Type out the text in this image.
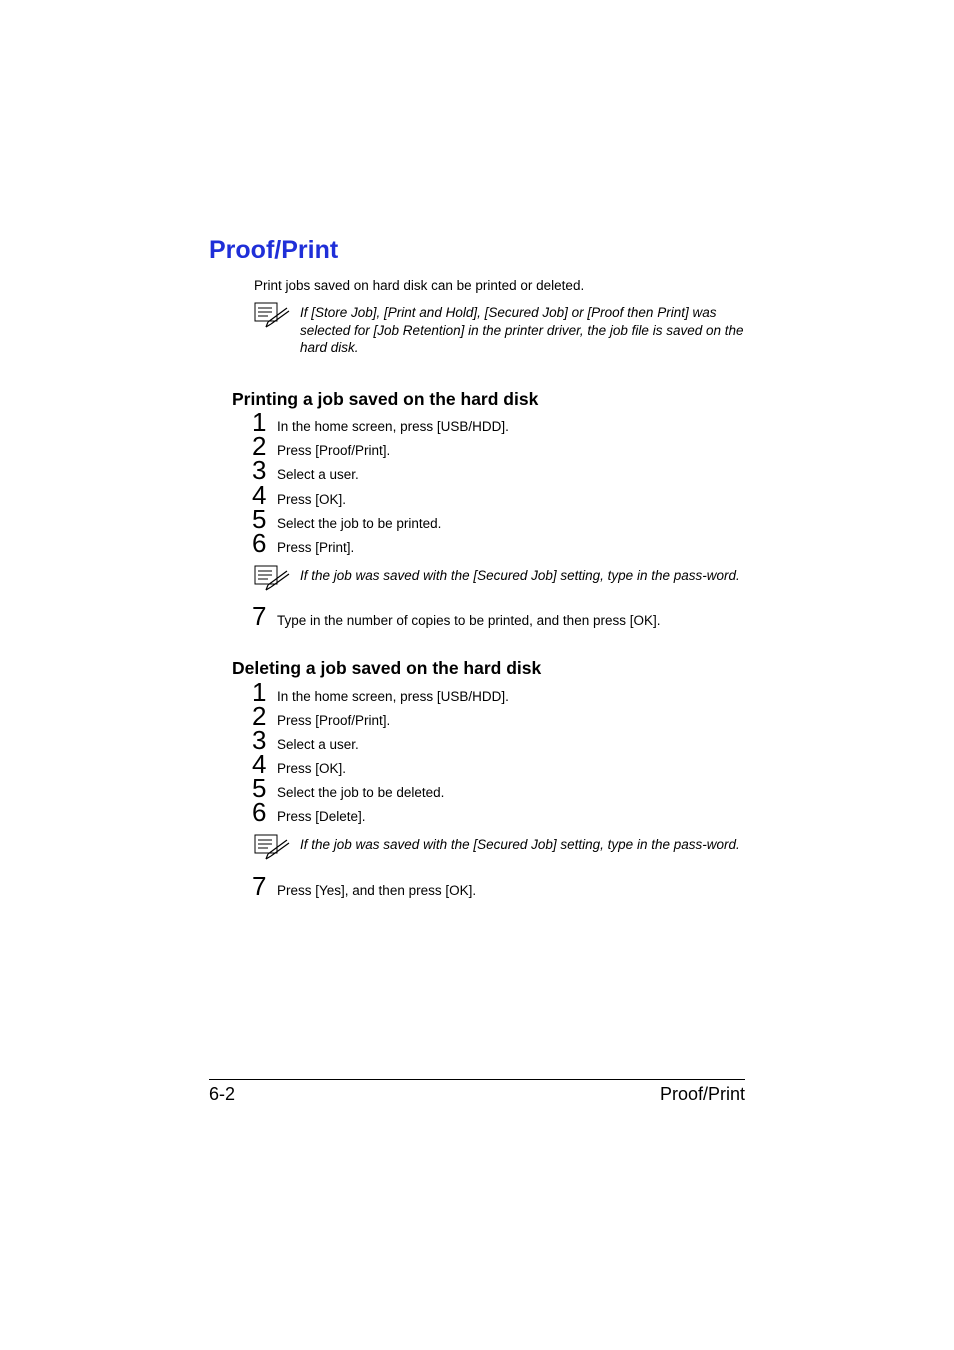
Proof/Print
Print jobs saved on hard disk can be printed or deleted.
If [Store Job], [Print and Hold], [Secured Job] or [Proof then Print] was selected for [Job Retention] in the printer driver, the job file is saved on the hard disk.
Printing a job saved on the hard disk
1 In the home screen, press [USB/HDD].
2 Press [Proof/Print].
3 Select a user.
4 Press [OK].
5 Select the job to be printed.
6 Press [Print].
If the job was saved with the [Secured Job] setting, type in the pass-word.
7 Type in the number of copies to be printed, and then press [OK].
Deleting a job saved on the hard disk
1 In the home screen, press [USB/HDD].
2 Press [Proof/Print].
3 Select a user.
4 Press [OK].
5 Select the job to be deleted.
6 Press [Delete].
If the job was saved with the [Secured Job] setting, type in the pass-word.
7 Press [Yes], and then press [OK].
6-2	Proof/Print
